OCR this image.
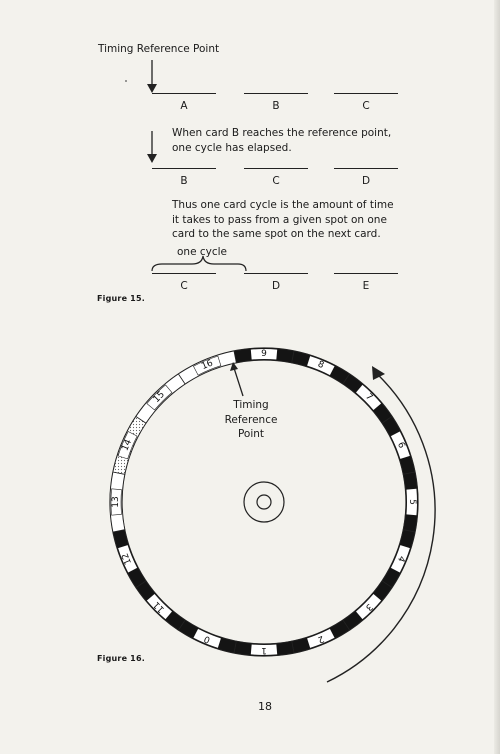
Timing Reference Point
A	B	C
When card B reaches the reference point,
one cycle has elapsed.
B	C	D
Thus one card cycle is the amount of time
it takes to pass from a given spot on one
card to the same spot on the next card.
one cycle
C	D	E
Figure 15.
9
8
7
6
5
4
3
2
1
0
11
12
13
14
15
16
Timing
Reference
Point
Figure 16.
18
